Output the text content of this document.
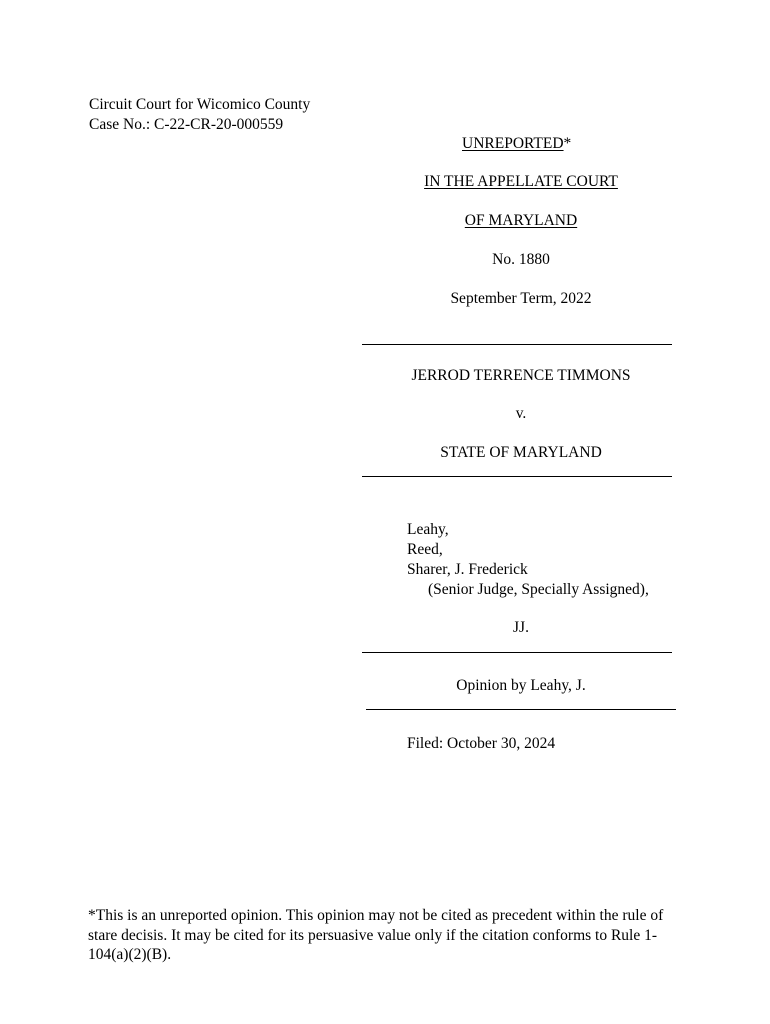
Circuit Court for Wicomico County
Case No.: C-22-CR-20-000559
UNREPORTED*
IN THE APPELLATE COURT
OF MARYLAND
No. 1880
September Term, 2022
JERROD TERRENCE TIMMONS
v.
STATE OF MARYLAND
Leahy,
Reed,
Sharer, J. Frederick
(Senior Judge, Specially Assigned),
JJ.
Opinion by Leahy, J.
Filed: October 30, 2024
*This is an unreported opinion. This opinion may not be cited as precedent within the rule of stare decisis. It may be cited for its persuasive value only if the citation conforms to Rule 1-104(a)(2)(B).
